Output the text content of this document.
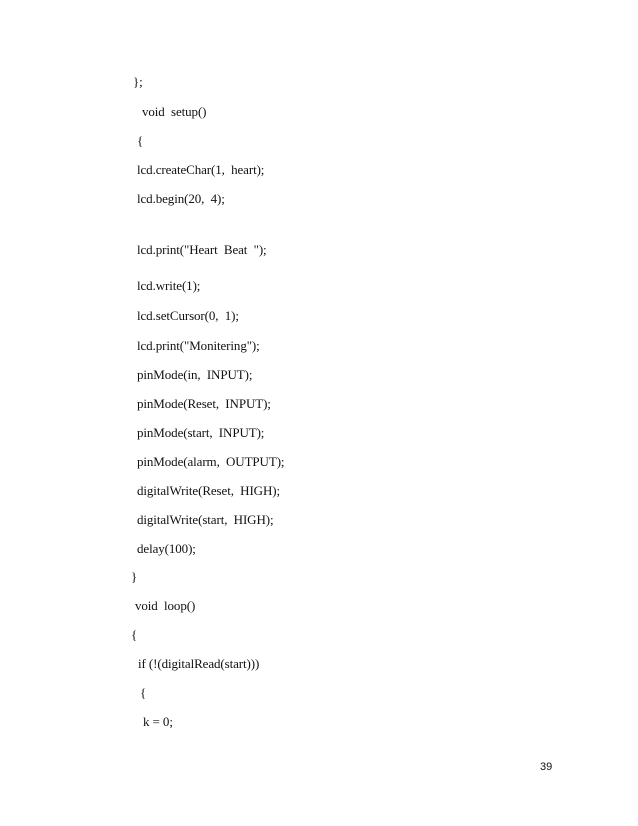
};
void  setup()
{
lcd.createChar(1,  heart);
lcd.begin(20,  4);
lcd.print("Heart  Beat  ");
lcd.write(1);
lcd.setCursor(0,  1);
lcd.print("Monitering");
pinMode(in,  INPUT);
pinMode(Reset,  INPUT);
pinMode(start,  INPUT);
pinMode(alarm,  OUTPUT);
digitalWrite(Reset,  HIGH);
digitalWrite(start,  HIGH);
delay(100);
}
void  loop()
{
if (!(digitalRead(start)))
{
k = 0;
39
